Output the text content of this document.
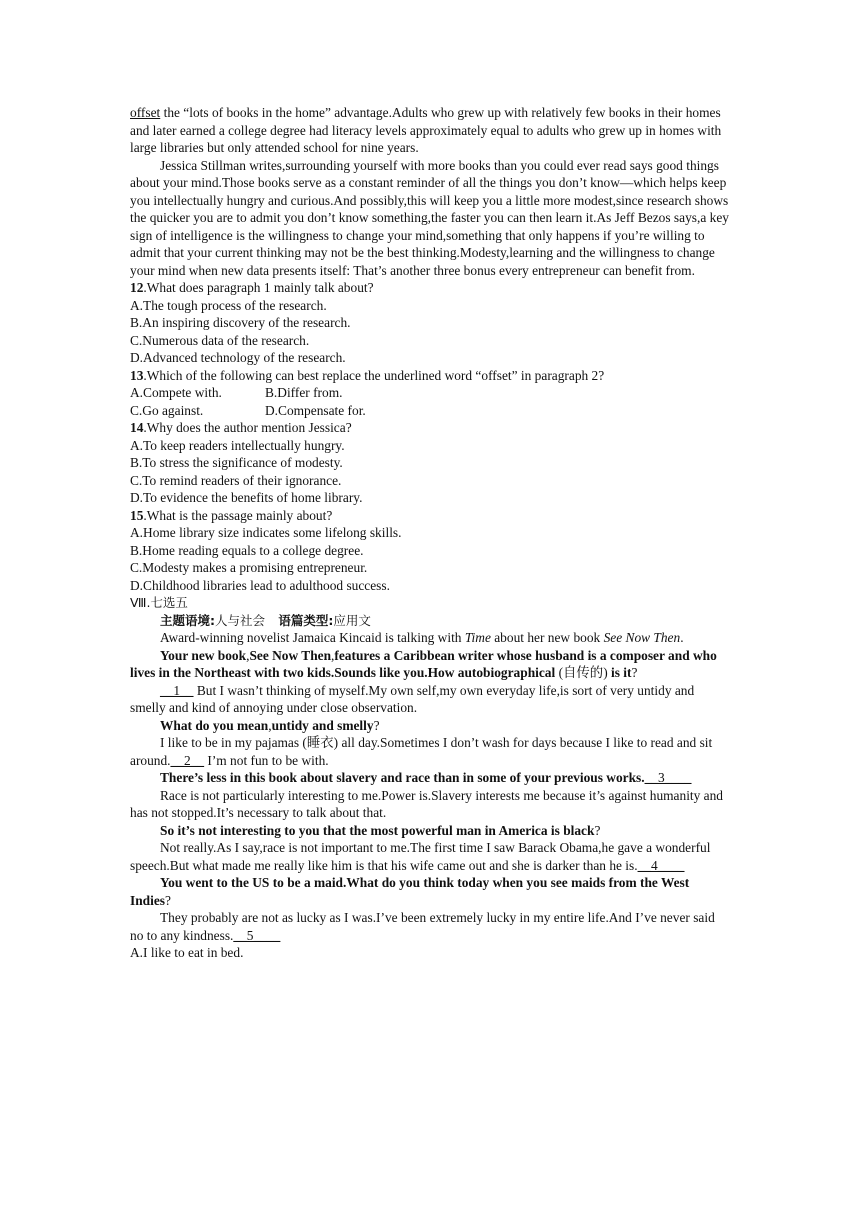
offset the “lots of books in the home” advantage.Adults who grew up with relatively few books in their homes and later earned a college degree had literacy levels approximately equal to adults who grew up in homes with large libraries but only attended school for nine years.

Jessica Stillman writes,surrounding yourself with more books than you could ever read says good things about your mind.Those books serve as a constant reminder of all the things you don’t know—which helps keep you intellectually hungry and curious.And possibly,this will keep you a little more modest,since research shows the quicker you are to admit you don’t know something,the faster you can then learn it.As Jeff Bezos says,a key sign of intelligence is the willingness to change your mind,something that only happens if you’re willing to admit that your current thinking may not be the best thinking.Modesty,learning and the willingness to change your mind when new data presents itself: That’s another three bonus every entrepreneur can benefit from.

12.What does paragraph 1 mainly talk about?

A.The tough process of the research.

B.An inspiring discovery of the research.

C.Numerous data of the research.

D.Advanced technology of the research.

13.Which of the following can best replace the underlined word “offset” in paragraph 2?

A.Compete with.	B.Differ from.

C.Go against.	D.Compensate for.

14.Why does the author mention Jessica?

A.To keep readers intellectually hungry.

B.To stress the significance of modesty.

C.To remind readers of their ignorance.

D.To evidence the benefits of home library.

15.What is the passage mainly about?

A.Home library size indicates some lifelong skills.

B.Home reading equals to a college degree.

C.Modesty makes a promising entrepreneur.

D.Childhood libraries lead to adulthood success.

Ⅷ.七选五

主题语境:人与社会 语篇类型:应用文

Award-winning novelist Jamaica Kincaid is talking with Time about her new book See Now Then.

Your new book,See Now Then,features a Caribbean writer whose husband is a composer and who lives in the Northeast with two kids.Sounds like you.How autobiographical (自传的) is it?

__1__ But I wasn’t thinking of myself.My own self,my own everyday life,is sort of very untidy and smelly and kind of annoying under close observation.

What do you mean,untidy and smelly?

I like to be in my pajamas (睡衣) all day.Sometimes I don’t wash for days because I like to read and sit around.__2__ I’m not fun to be with.

There’s less in this book about slavery and race than in some of your previous works.__3____

Race is not particularly interesting to me.Power is.Slavery interests me because it’s against humanity and has not stopped.It’s necessary to talk about that.

So it’s not interesting to you that the most powerful man in America is black?

Not really.As I say,race is not important to me.The first time I saw Barack Obama,he gave a wonderful speech.But what made me really like him is that his wife came out and she is darker than he is.__4____

You went to the US to be a maid.What do you think today when you see maids from the West Indies?

They probably are not as lucky as I was.I’ve been extremely lucky in my entire life.And I’ve never said no to any kindness.__5____

A.I like to eat in bed.
